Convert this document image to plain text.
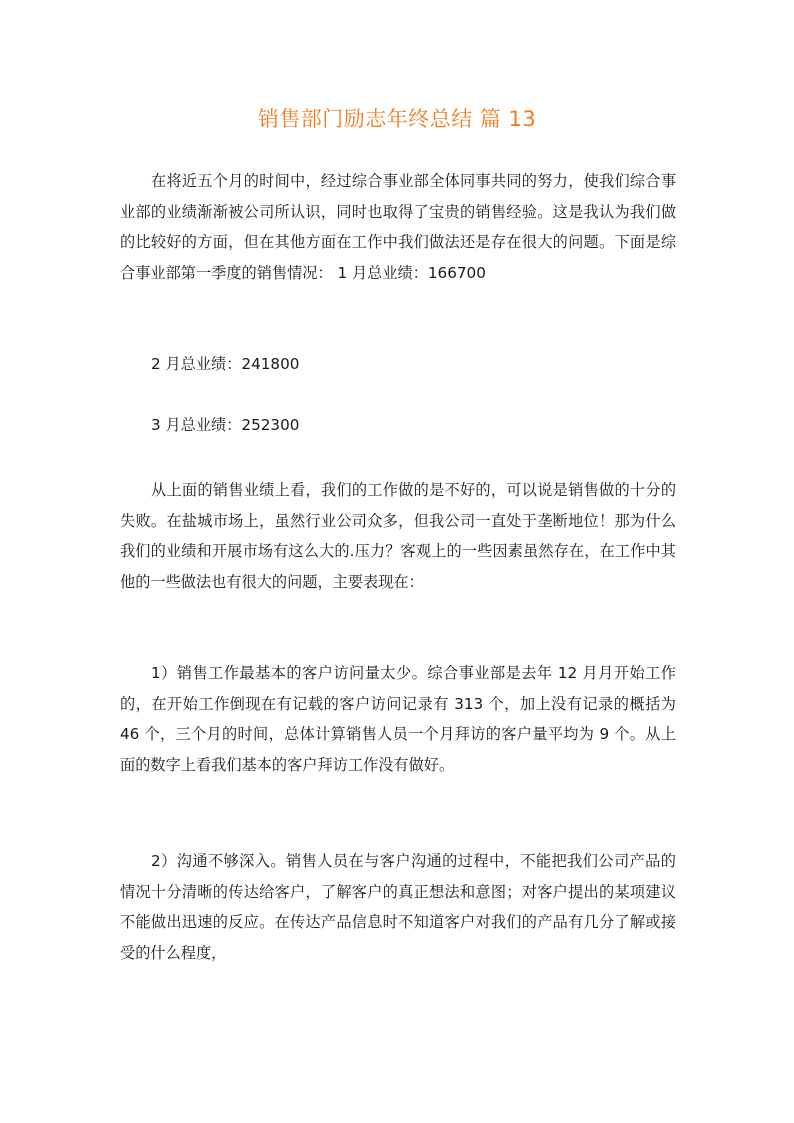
销售部门励志年终总结 篇 13

在将近五个月的时间中，经过综合事业部全体同事共同的努力，使我们综合事业部的业绩渐渐被公司所认识，同时也取得了宝贵的销售经验。这是我认为我们做的比较好的方面，但在其他方面在工作中我们做法还是存在很大的问题。下面是综合事业部第一季度的销售情况： 1 月总业绩：166700

2 月总业绩：241800

3 月总业绩：252300

从上面的销售业绩上看，我们的工作做的是不好的，可以说是销售做的十分的失败。在盐城市场上，虽然行业公司众多，但我公司一直处于垄断地位！那为什么我们的业绩和开展市场有这么大的.压力？客观上的一些因素虽然存在，在工作中其他的一些做法也有很大的问题，主要表现在：

1）销售工作最基本的客户访问量太少。综合事业部是去年 12 月月开始工作的，在开始工作倒现在有记载的客户访问记录有 313 个，加上没有记录的概括为 46 个，三个月的时间，总体计算销售人员一个月拜访的客户量平均为 9 个。从上面的数字上看我们基本的客户拜访工作没有做好。

2）沟通不够深入。销售人员在与客户沟通的过程中，不能把我们公司产品的情况十分清晰的传达给客户，了解客户的真正想法和意图；对客户提出的某项建议不能做出迅速的反应。在传达产品信息时不知道客户对我们的产品有几分了解或接受的什么程度，
